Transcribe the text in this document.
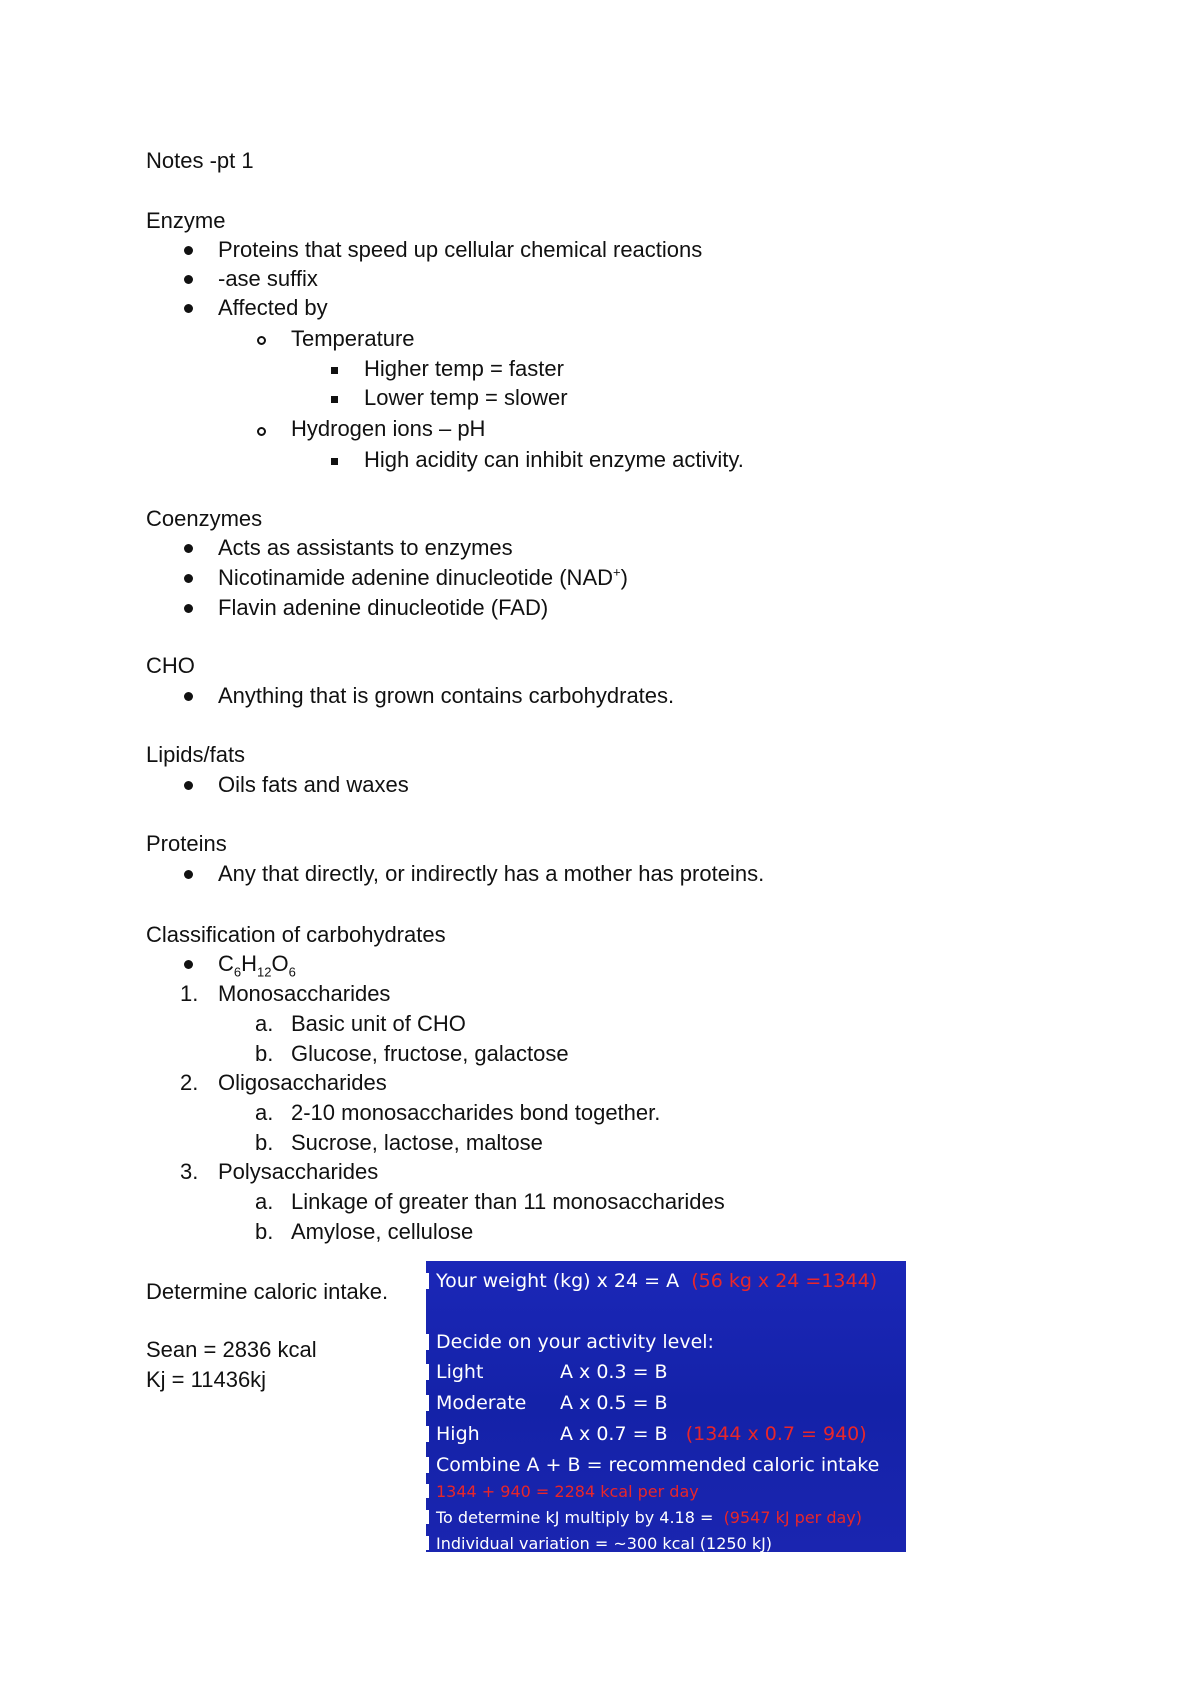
Notes -pt 1
Enzyme
Proteins that speed up cellular chemical reactions
-ase suffix
Affected by
Temperature
Higher temp = faster
Lower temp = slower
Hydrogen ions – pH
High acidity can inhibit enzyme activity.
Coenzymes
Acts as assistants to enzymes
Nicotinamide adenine dinucleotide (NAD+)
Flavin adenine dinucleotide (FAD)
CHO
Anything that is grown contains carbohydrates.
Lipids/fats
Oils fats and waxes
Proteins
Any that directly, or indirectly has a mother has proteins.
Classification of carbohydrates
$C_6H_{12}O_6$
1. Monosaccharides
a. Basic unit of CHO
b. Glucose, fructose, galactose
2. Oligosaccharides
a. 2-10 monosaccharides bond together.
b. Sucrose, lactose, maltose
3. Polysaccharides
a. Linkage of greater than 11 monosaccharides
b. Amylose, cellulose
Determine caloric intake.
Sean = 2836 kcal
Kj = 11436kj
Your weight (kg) x 24 = A (56 kg x 24 =1344)
Decide on your activity level:
Light	A x 0.3 = B
Moderate A x 0.5 = B
High	A x 0.7 = B (1344 x 0.7 = 940)
Combine A + B = recommended caloric intake
1344 + 940 = 2284 kcal per day
To determine kJ multiply by 4.18 = (9547 kJ per day)
Individual variation = ~300 kcal (1250 kJ)
